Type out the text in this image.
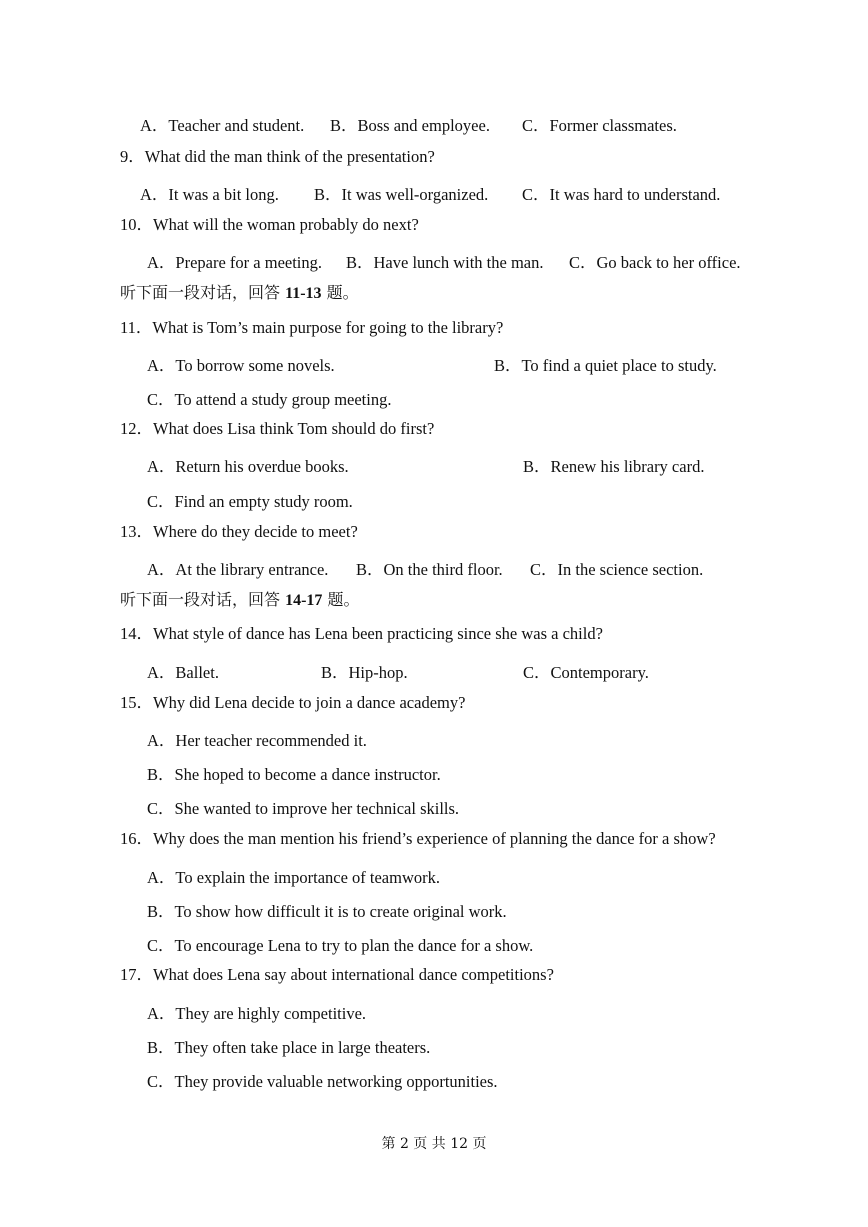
A．Teacher and student. B．Boss and employee. C．Former classmates.
9．What did the man think of the presentation?
A．It was a bit long. B．It was well-organized. C．It was hard to understand.
10．What will the woman probably do next?
A．Prepare for a meeting. B．Have lunch with the man. C．Go back to her office.
听下面一段对话，回答 11-13 题。
11．What is Tom’s main purpose for going to the library?
A．To borrow some novels.	B．To find a quiet place to study.
C．To attend a study group meeting.
12．What does Lisa think Tom should do first?
A．Return his overdue books.	B．Renew his library card.
C．Find an empty study room.
13．Where do they decide to meet?
A．At the library entrance. B．On the third floor. C．In the science section.
听下面一段对话，回答 14-17 题。
14．What style of dance has Lena been practicing since she was a child?
A．Ballet.	B．Hip-hop.	C．Contemporary.
15．Why did Lena decide to join a dance academy?
A．Her teacher recommended it.
B．She hoped to become a dance instructor.
C．She wanted to improve her technical skills.
16．Why does the man mention his friend’s experience of planning the dance for a show?
A．To explain the importance of teamwork.
B．To show how difficult it is to create original work.
C．To encourage Lena to try to plan the dance for a show.
17．What does Lena say about international dance competitions?
A．They are highly competitive.
B．They often take place in large theaters.
C．They provide valuable networking opportunities.
第 2 页 共 12 页
